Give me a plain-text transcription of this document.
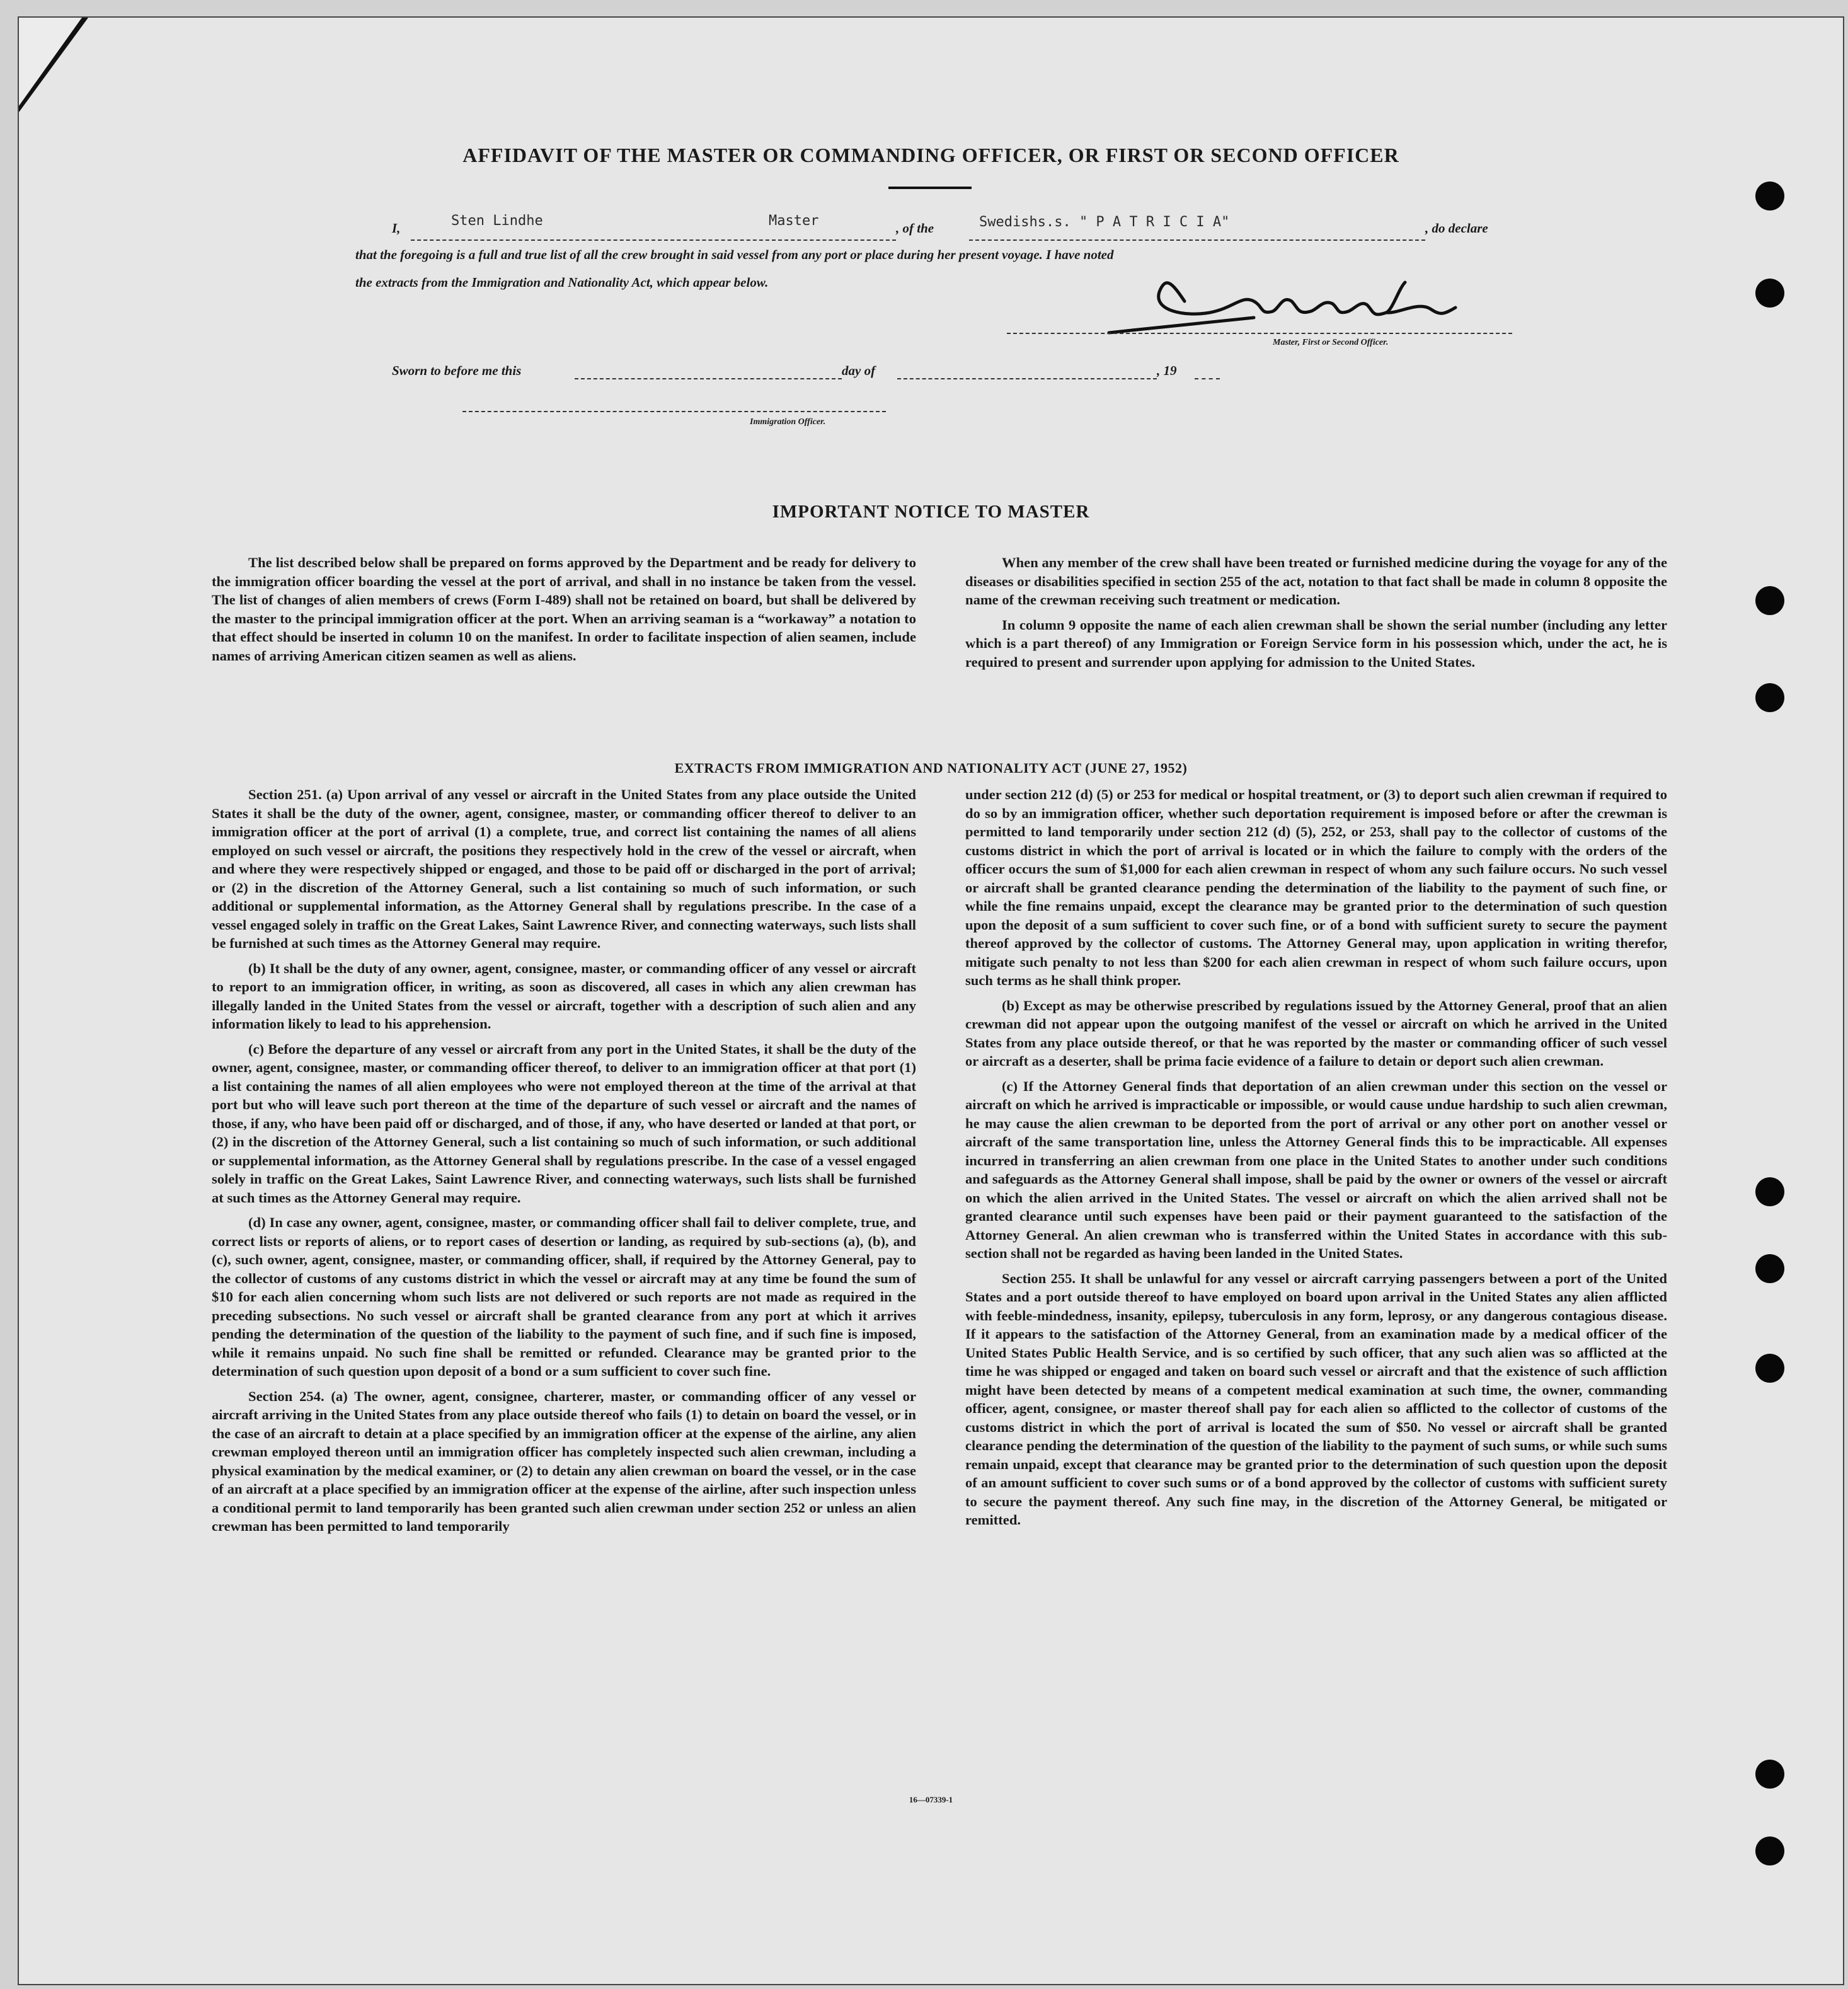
AFFIDAVIT OF THE MASTER OR COMMANDING OFFICER, OR FIRST OR SECOND OFFICER
I,	Sten Lindhe	Master	, of the	Swedishs.s. " P A T R I C I A"	, do declare
that the foregoing is a full and true list of all the crew brought in said vessel from any port or place during her present voyage. I have noted
the extracts from the Immigration and Nationality Act, which appear below.
Master, First or Second Officer.
Sworn to before me this	day of	, 19
Immigration Officer.
IMPORTANT NOTICE TO MASTER

The list described below shall be prepared on forms approved by the Department and be ready for delivery to the immigration officer boarding the vessel at the port of arrival, and shall in no instance be taken from the vessel. The list of changes of alien members of crews (Form I-489) shall not be retained on board, but shall be delivered by the master to the principal immigration officer at the port. When an arriving seaman is a “workaway” a notation to that effect should be inserted in column 10 on the manifest. In order to facilitate inspection of alien seamen, include names of arriving American citizen seamen as well as aliens.

When any member of the crew shall have been treated or furnished medicine during the voyage for any of the diseases or disabilities specified in section 255 of the act, notation to that fact shall be made in column 8 opposite the name of the crewman receiving such treatment or medication.

In column 9 opposite the name of each alien crewman shall be shown the serial number (including any letter which is a part thereof) of any Immigration or Foreign Service form in his possession which, under the act, he is required to present and surrender upon applying for admission to the United States.

EXTRACTS FROM IMMIGRATION AND NATIONALITY ACT (JUNE 27, 1952)

Section 251. (a) Upon arrival of any vessel or aircraft in the United States from any place outside the United States it shall be the duty of the owner, agent, consignee, master, or commanding officer thereof to deliver to an immigration officer at the port of arrival (1) a complete, true, and correct list containing the names of all aliens employed on such vessel or aircraft, the positions they respectively hold in the crew of the vessel or aircraft, when and where they were respectively shipped or engaged, and those to be paid off or discharged in the port of arrival; or (2) in the discretion of the Attorney General, such a list containing so much of such information, or such additional or supplemental information, as the Attorney General shall by regulations prescribe. In the case of a vessel engaged solely in traffic on the Great Lakes, Saint Lawrence River, and connecting waterways, such lists shall be furnished at such times as the Attorney General may require.

(b) It shall be the duty of any owner, agent, consignee, master, or commanding officer of any vessel or aircraft to report to an immigration officer, in writing, as soon as discovered, all cases in which any alien crewman has illegally landed in the United States from the vessel or aircraft, together with a description of such alien and any information likely to lead to his apprehension.

(c) Before the departure of any vessel or aircraft from any port in the United States, it shall be the duty of the owner, agent, consignee, master, or commanding officer thereof, to deliver to an immigration officer at that port (1) a list containing the names of all alien employees who were not employed thereon at the time of the arrival at that port but who will leave such port thereon at the time of the departure of such vessel or aircraft and the names of those, if any, who have been paid off or discharged, and of those, if any, who have deserted or landed at that port, or (2) in the discretion of the Attorney General, such a list containing so much of such information, or such additional or supplemental information, as the Attorney General shall by regulations prescribe. In the case of a vessel engaged solely in traffic on the Great Lakes, Saint Lawrence River, and connecting waterways, such lists shall be furnished at such times as the Attorney General may require.

(d) In case any owner, agent, consignee, master, or commanding officer shall fail to deliver complete, true, and correct lists or reports of aliens, or to report cases of desertion or landing, as required by sub-sections (a), (b), and (c), such owner, agent, consignee, master, or commanding officer, shall, if required by the Attorney General, pay to the collector of customs of any customs district in which the vessel or aircraft may at any time be found the sum of $10 for each alien concerning whom such lists are not delivered or such reports are not made as required in the preceding subsections. No such vessel or aircraft shall be granted clearance from any port at which it arrives pending the determination of the question of the liability to the payment of such fine, and if such fine is imposed, while it remains unpaid. No such fine shall be remitted or refunded. Clearance may be granted prior to the determination of such question upon deposit of a bond or a sum sufficient to cover such fine.

Section 254. (a) The owner, agent, consignee, charterer, master, or commanding officer of any vessel or aircraft arriving in the United States from any place outside thereof who fails (1) to detain on board the vessel, or in the case of an aircraft to detain at a place specified by an immigration officer at the expense of the airline, any alien crewman employed thereon until an immigration officer has completely inspected such alien crewman, including a physical examination by the medical examiner, or (2) to detain any alien crewman on board the vessel, or in the case of an aircraft at a place specified by an immigration officer at the expense of the airline, after such inspection unless a conditional permit to land temporarily has been granted such alien crewman under section 252 or unless an alien crewman has been permitted to land temporarily

under section 212 (d) (5) or 253 for medical or hospital treatment, or (3) to deport such alien crewman if required to do so by an immigration officer, whether such deportation requirement is imposed before or after the crewman is permitted to land temporarily under section 212 (d) (5), 252, or 253, shall pay to the collector of customs of the customs district in which the port of arrival is located or in which the failure to comply with the orders of the officer occurs the sum of $1,000 for each alien crewman in respect of whom any such failure occurs. No such vessel or aircraft shall be granted clearance pending the determination of the liability to the payment of such fine, or while the fine remains unpaid, except the clearance may be granted prior to the determination of such question upon the deposit of a sum sufficient to cover such fine, or of a bond with sufficient surety to secure the payment thereof approved by the collector of customs. The Attorney General may, upon application in writing therefor, mitigate such penalty to not less than $200 for each alien crewman in respect of whom such failure occurs, upon such terms as he shall think proper.

(b) Except as may be otherwise prescribed by regulations issued by the Attorney General, proof that an alien crewman did not appear upon the outgoing manifest of the vessel or aircraft on which he arrived in the United States from any place outside thereof, or that he was reported by the master or commanding officer of such vessel or aircraft as a deserter, shall be prima facie evidence of a failure to detain or deport such alien crewman.

(c) If the Attorney General finds that deportation of an alien crewman under this section on the vessel or aircraft on which he arrived is impracticable or impossible, or would cause undue hardship to such alien crewman, he may cause the alien crewman to be deported from the port of arrival or any other port on another vessel or aircraft of the same transportation line, unless the Attorney General finds this to be impracticable. All expenses incurred in transferring an alien crewman from one place in the United States to another under such conditions and safeguards as the Attorney General shall impose, shall be paid by the owner or owners of the vessel or aircraft on which the alien arrived in the United States. The vessel or aircraft on which the alien arrived shall not be granted clearance until such expenses have been paid or their payment guaranteed to the satisfaction of the Attorney General. An alien crewman who is transferred within the United States in accordance with this sub-section shall not be regarded as having been landed in the United States.

Section 255. It shall be unlawful for any vessel or aircraft carrying passengers between a port of the United States and a port outside thereof to have employed on board upon arrival in the United States any alien afflicted with feeble-mindedness, insanity, epilepsy, tuberculosis in any form, leprosy, or any dangerous contagious disease. If it appears to the satisfaction of the Attorney General, from an examination made by a medical officer of the United States Public Health Service, and is so certified by such officer, that any such alien was so afflicted at the time he was shipped or engaged and taken on board such vessel or aircraft and that the existence of such affliction might have been detected by means of a competent medical examination at such time, the owner, commanding officer, agent, consignee, or master thereof shall pay for each alien so afflicted to the collector of customs of the customs district in which the port of arrival is located the sum of $50. No vessel or aircraft shall be granted clearance pending the determination of the question of the liability to the payment of such sums, or while such sums remain unpaid, except that clearance may be granted prior to the determination of such question upon the deposit of an amount sufficient to cover such sums or of a bond approved by the collector of customs with sufficient surety to secure the payment thereof. Any such fine may, in the discretion of the Attorney General, be mitigated or remitted.

16—07339-1
